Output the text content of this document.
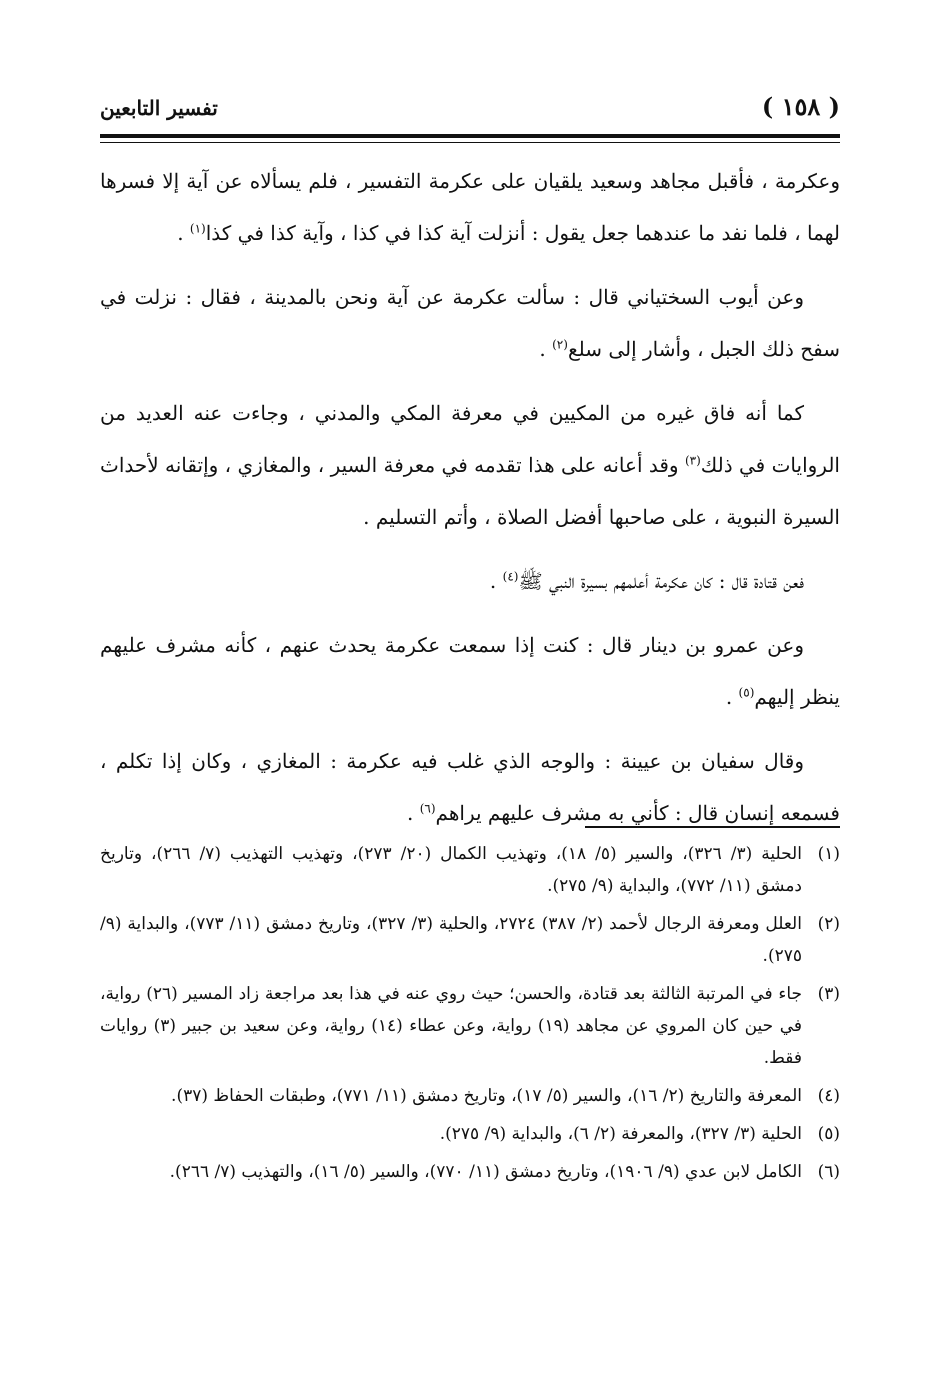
( ١٥٨ )
تفسير التابعين

وعكرمة ، فأقبل مجاهد وسعيد يلقيان على عكرمة التفسير ، فلم يسألاه عن آية إلا فسرها لهما ، فلما نفد ما عندهما جعل يقول : أنزلت آية كذا في كذا ، وآية كذا في كذا$^{(١)}$ .

وعن أيوب السختياني قال : سألت عكرمة عن آية ونحن بالمدينة ، فقال : نزلت في سفح ذلك الجبل ، وأشار إلى سلع$^{(٢)}$ .

كما أنه فاق غيره من المكيين في معرفة المكي والمدني ، وجاءت عنه العديد من الروايات في ذلك$^{(٣)}$ وقد أعانه على هذا تقدمه في معرفة السير ، والمغازي ، وإتقانه لأحداث السيرة النبوية ، على صاحبها أفضل الصلاة ، وأتم التسليم .

فعن قتادة قال : كان عكرمة أعلمهم بسيرة النبي ﷺ$^{(٤)}$ .

وعن عمرو بن دينار قال : كنت إذا سمعت عكرمة يحدث عنهم ، كأنه مشرف عليهم ينظر إليهم$^{(٥)}$ .

وقال سفيان بن عيينة : والوجه الذي غلب فيه عكرمة : المغازي ، وكان إذا تكلم ، فسمعه إنسان قال : كأني به مشرف عليهم يراهم$^{(٦)}$ .

(١)
الحلية (٣/ ٣٢٦)، والسير (٥/ ١٨)، وتهذيب الكمال (٢٠/ ٢٧٣)، وتهذيب التهذيب (٧/ ٢٦٦)، وتاريخ دمشق (١١/ ٧٧٢)، والبداية (٩/ ٢٧٥).
(٢)
العلل ومعرفة الرجال لأحمد (٢/ ٣٨٧) ٢٧٢٤، والحلية (٣/ ٣٢٧)، وتاريخ دمشق (١١/ ٧٧٣)، والبداية (٩/ ٢٧٥).
(٣)
جاء في المرتبة الثالثة بعد قتادة، والحسن؛ حيث روي عنه في هذا بعد مراجعة زاد المسير (٢٦) رواية، في حين كان المروي عن مجاهد (١٩) رواية، وعن عطاء (١٤) رواية، وعن سعيد بن جبير (٣) روايات فقط.
(٤)
المعرفة والتاريخ (٢/ ١٦)، والسير (٥/ ١٧)، وتاريخ دمشق (١١/ ٧٧١)، وطبقات الحفاظ (٣٧).
(٥)
الحلية (٣/ ٣٢٧)، والمعرفة (٢/ ٦)، والبداية (٩/ ٢٧٥).
(٦)
الكامل لابن عدي (٩/ ١٩٠٦)، وتاريخ دمشق (١١/ ٧٧٠)، والسير (٥/ ١٦)، والتهذيب (٧/ ٢٦٦).
